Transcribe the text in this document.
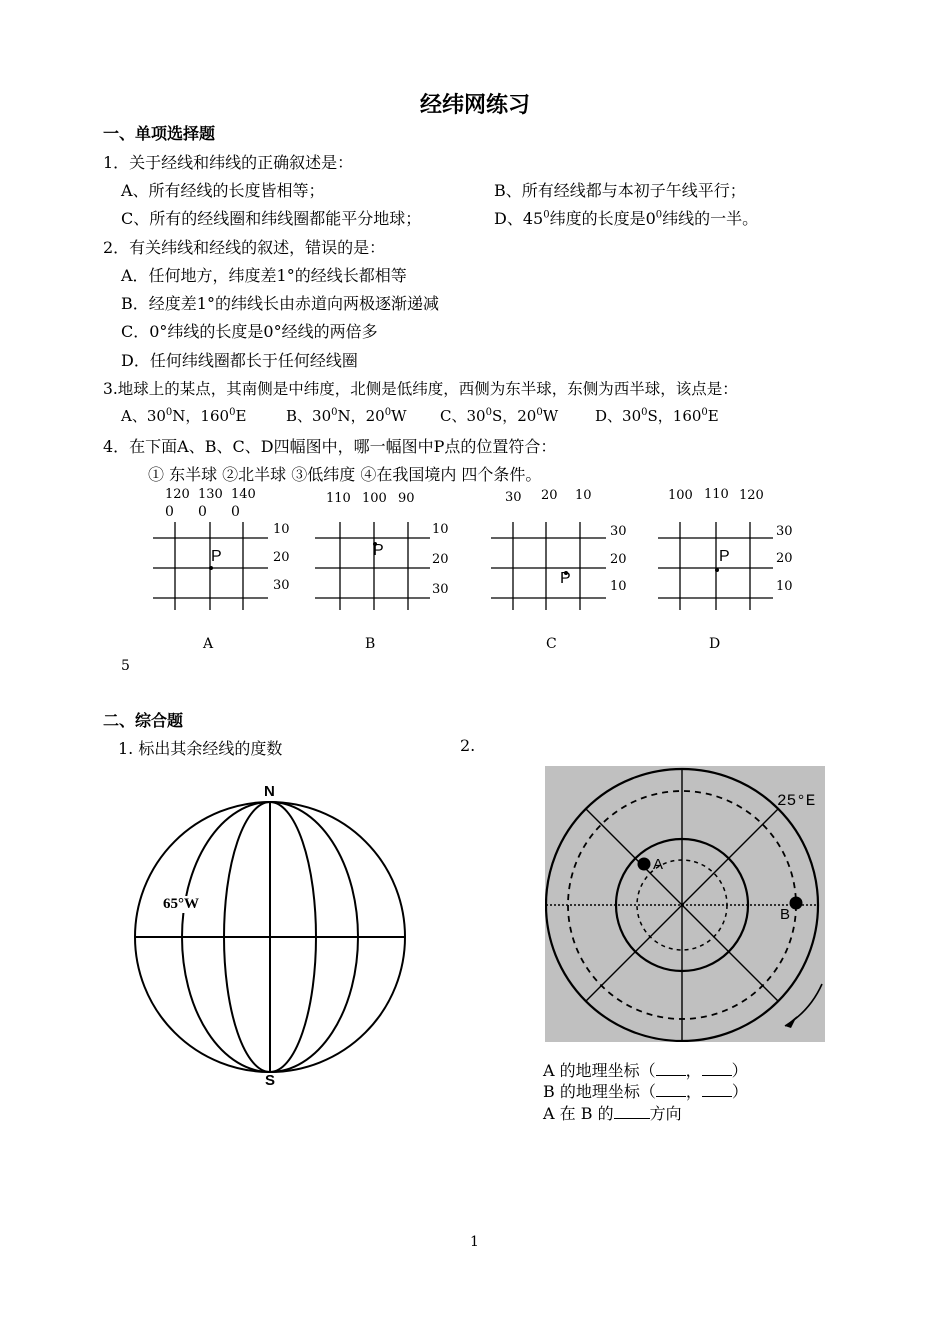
经纬网练习
一、单项选择题
1．关于经线和纬线的正确叙述是：
A、所有经线的长度皆相等；	B、所有经线都与本初子午线平行；
C、所有的经线圈和纬线圈都能平分地球；	D、$45^0$纬度的长度是$0^0$纬线的一半。
2．有关纬线和经线的叙述，错误的是：
A．任何地方，纬度差1°的经线长都相等
B．经度差1°的纬线长由赤道向两极逐渐递减
C．0°纬线的长度是0°经线的两倍多
D．任何纬线圈都长于任何经线圈
3.地球上的某点，其南侧是中纬度，北侧是低纬度，西侧为东半球，东侧为西半球，该点是：
A、$30^0N$，$160^0E$	B、$30^0N$，$20^0W$ C、$30^0S$，$20^0W$ D、$30^0S$，$160^0E$
4．在下面A、B、C、D四幅图中，哪一幅图中P点的位置符合：
① 东半球 ②北半球 ③低纬度 ④在我国境内 四个条件。
120 130 140
0 0 0
P
10
20
30
A
110 100 90
P
10
20
30
B
30 20 10
P
30
20
10
C
100 110 120
P
30
20
10
D
5
二、综合题
1. 标出其余经线的度数	2.
N
S
65°W
25°E
A
B
A 的地理坐标（ ， ）
B 的地理坐标（ ， ）
A 在 B 的 方向
1
